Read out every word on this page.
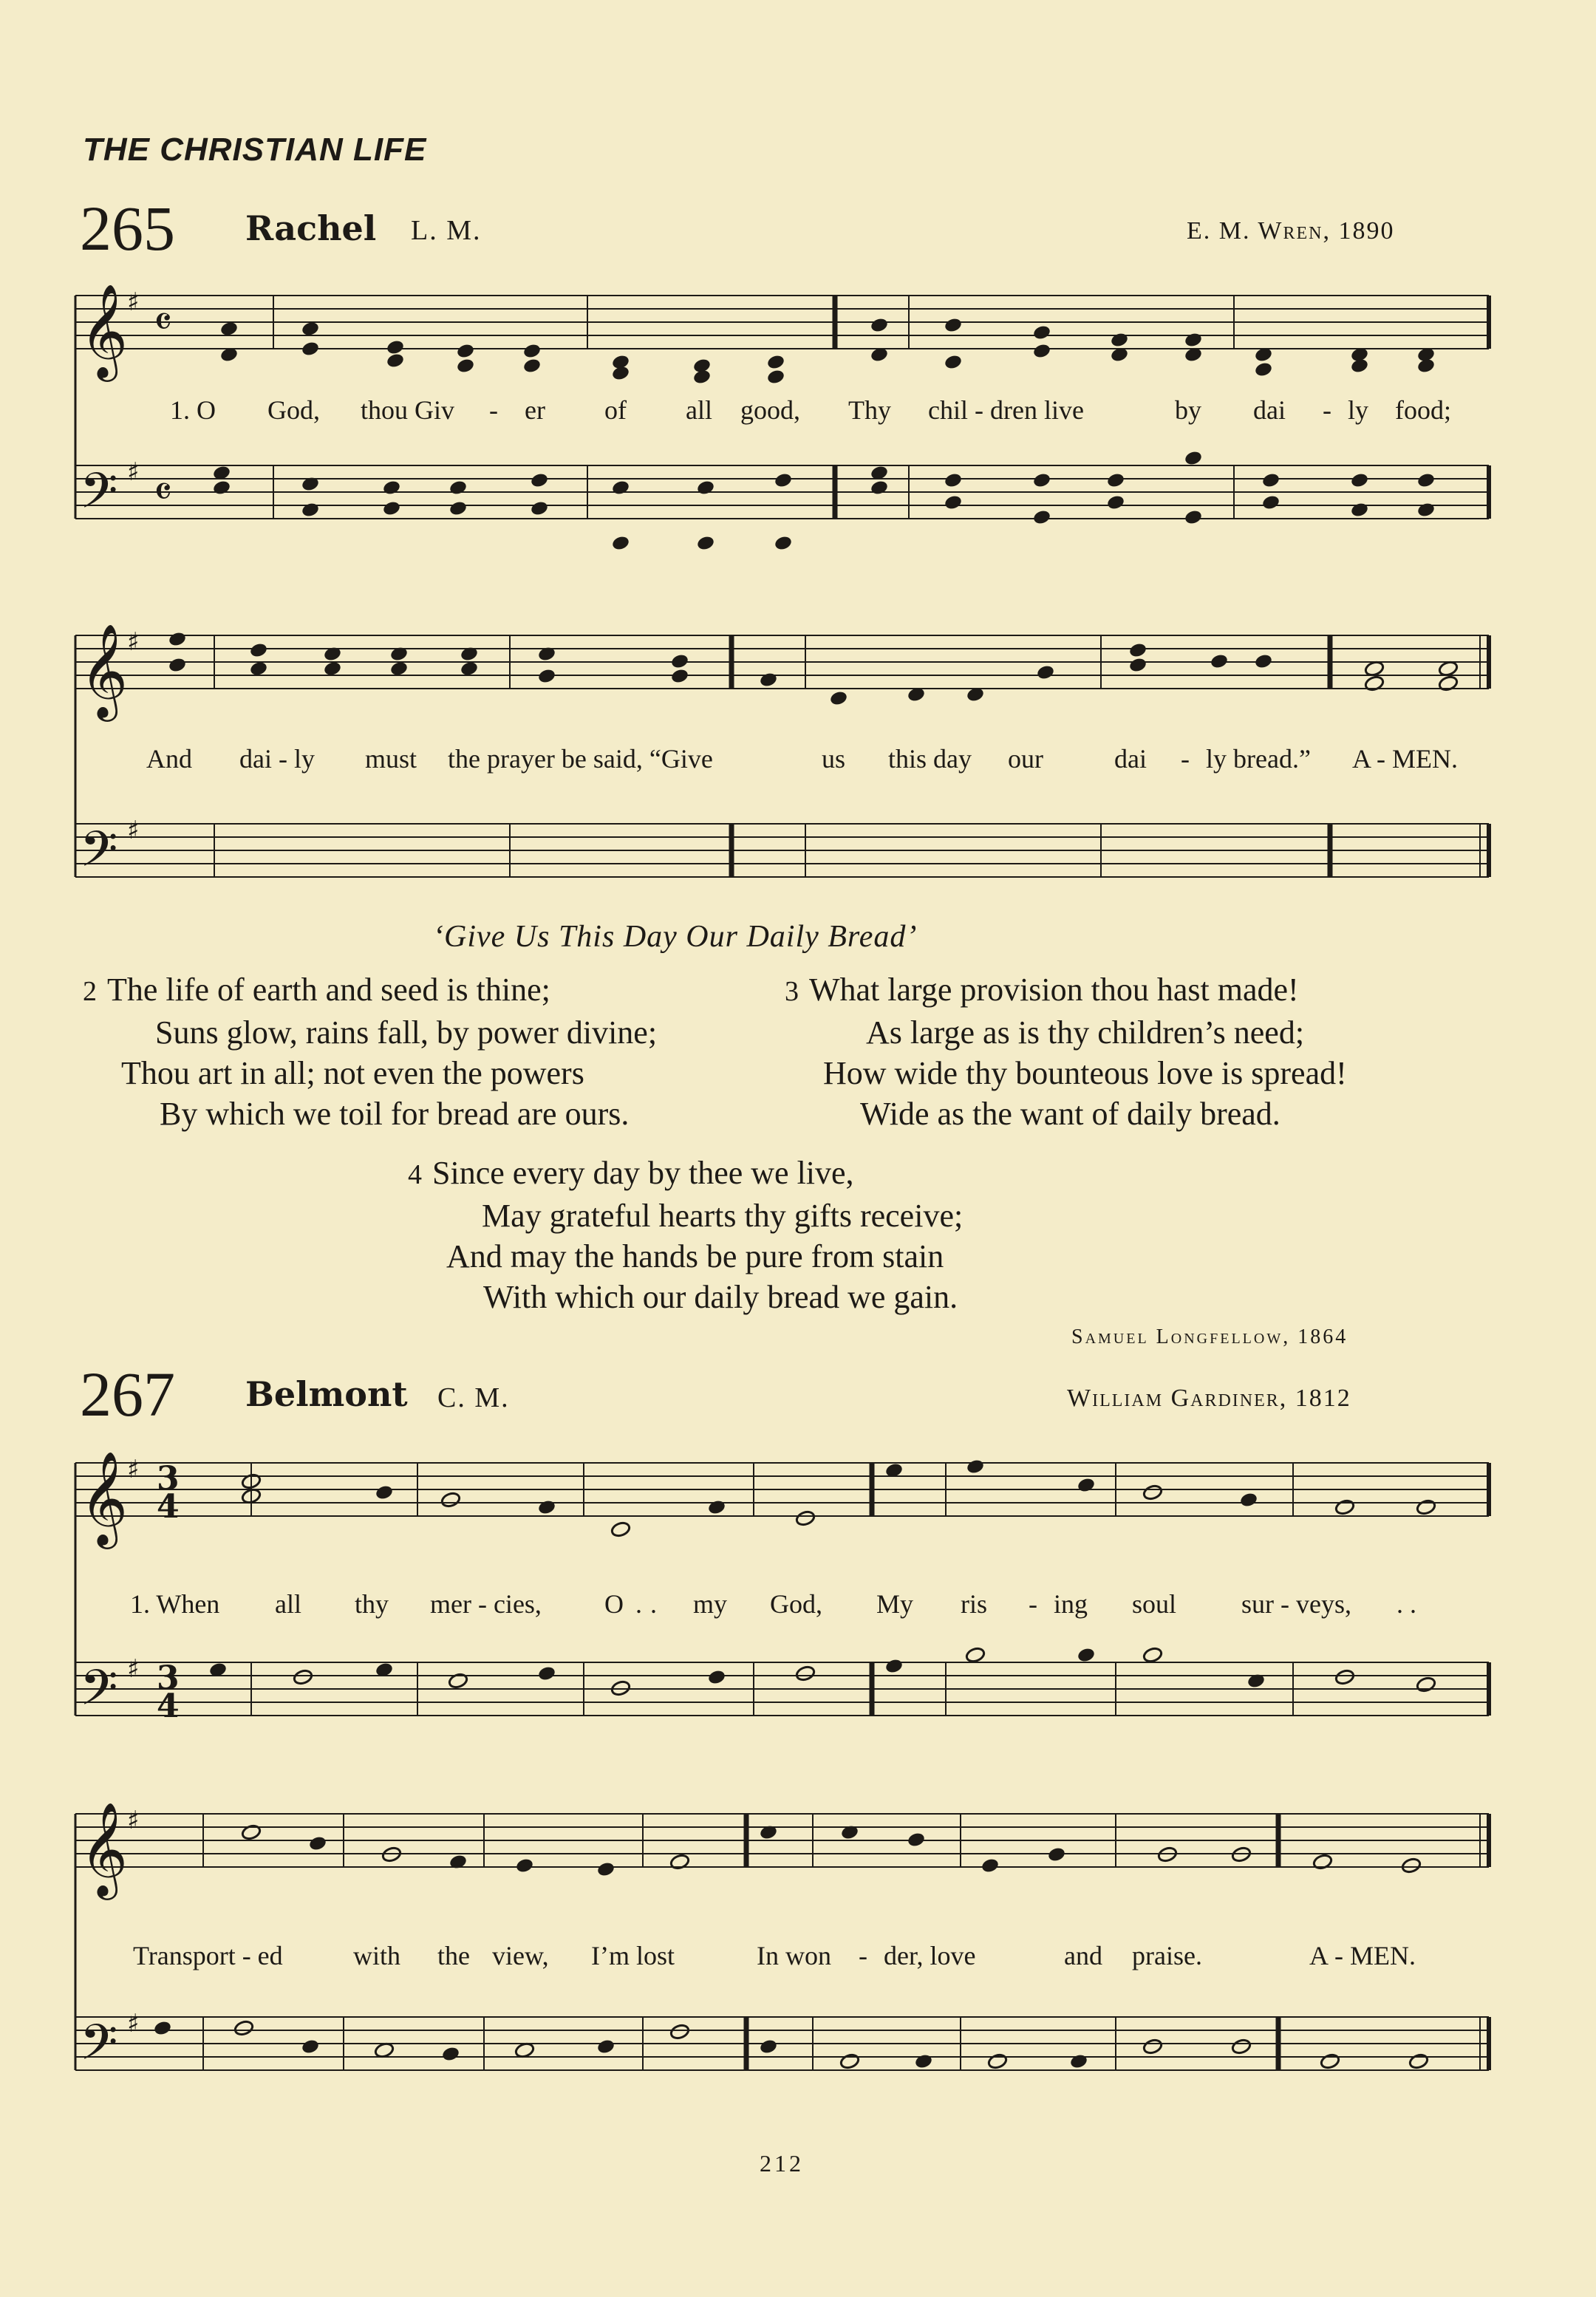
THE CHRISTIAN LIFE
265 Rachel L. M.	E. M. Wren, 1890
𝄞
𝄢
𝄞
𝄢
𝄞
𝄢
𝄞
𝄢
♯
♯
♯
♯
♯
♯
♯
♯
𝄴
𝄴
3
4
3
4
1. O God, thou Giv - er of all good, Thy chil - dren live	by dai - ly food;
And dai - ly must the prayer be said, “Give	us this day our	dai - ly bread.” A - MEN.
‘Give Us This Day Our Daily Bread’
2 The life of earth and seed is thine;
Suns glow, rains fall, by power divine;
Thou art in all; not even the powers
By which we toil for bread are ours.
3 What large provision thou hast made!
As large as is thy children’s need;
How wide thy bounteous love is spread!
Wide as the want of daily bread.
4 Since every day by thee we live,
May grateful hearts thy gifts receive;
And may the hands be pure from stain
With which our daily bread we gain.
Samuel Longfellow, 1864
267 Belmont C. M.	William Gardiner, 1812
1. When all thy mer - cies, O . . my God, My ris - ing soul sur - veys, . .
Transport - ed	with the view, I’m lost	In won - der, love	and praise.	A - MEN.
212
